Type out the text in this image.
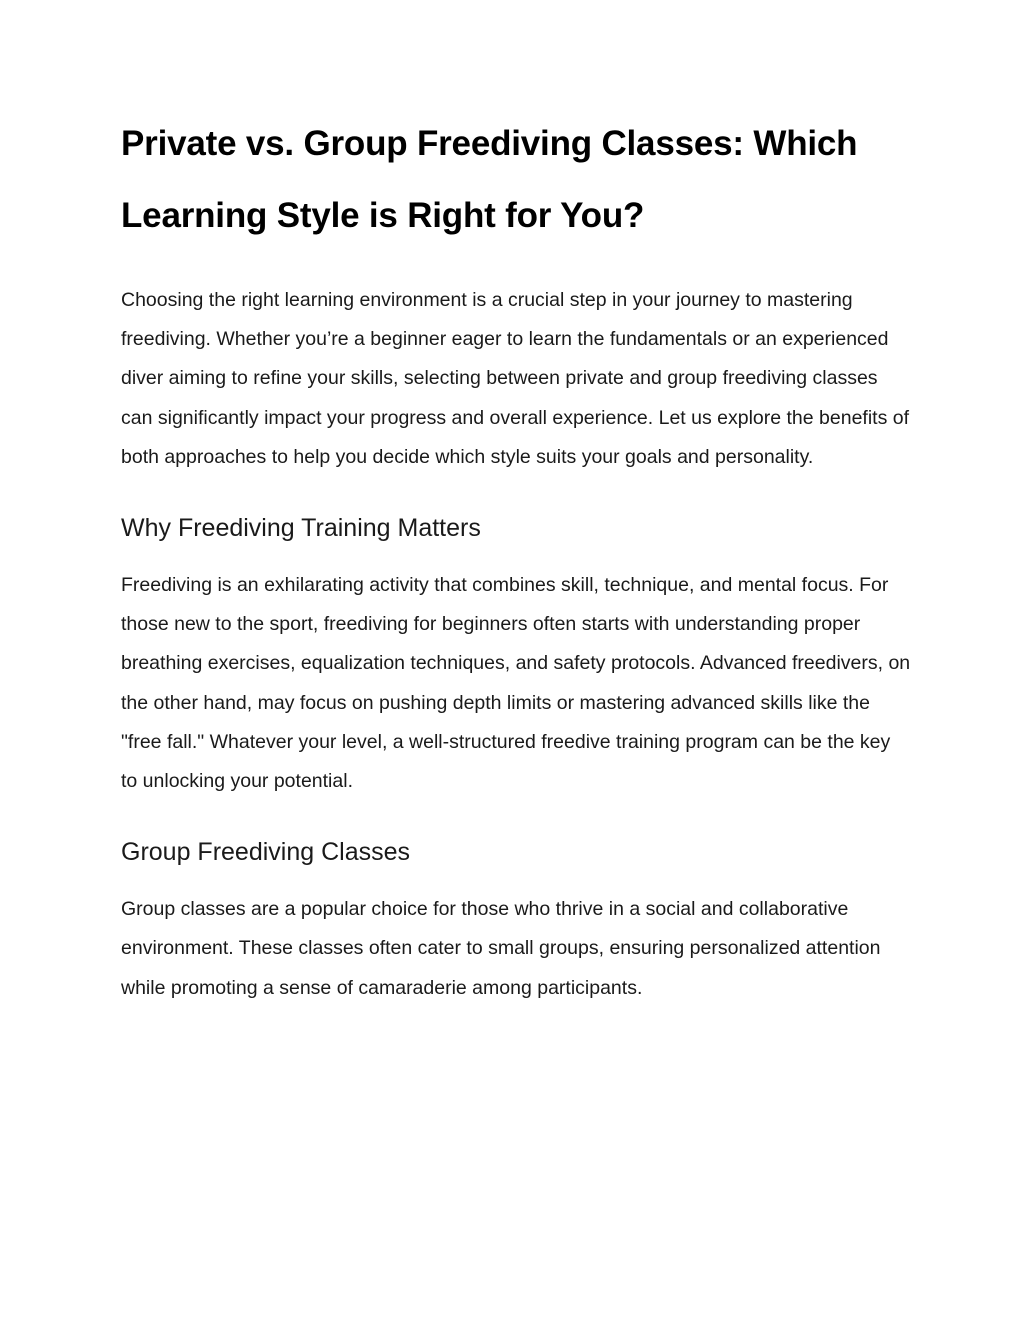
Private vs. Group Freediving Classes: Which Learning Style is Right for You?

Choosing the right learning environment is a crucial step in your journey to mastering freediving. Whether you’re a beginner eager to learn the fundamentals or an experienced diver aiming to refine your skills, selecting between private and group freediving classes can significantly impact your progress and overall experience. Let us explore the benefits of both approaches to help you decide which style suits your goals and personality.

Why Freediving Training Matters

Freediving is an exhilarating activity that combines skill, technique, and mental focus. For those new to the sport, freediving for beginners often starts with understanding proper breathing exercises, equalization techniques, and safety protocols. Advanced freedivers, on the other hand, may focus on pushing depth limits or mastering advanced skills like the "free fall." Whatever your level, a well-structured freedive training program can be the key to unlocking your potential.

Group Freediving Classes

Group classes are a popular choice for those who thrive in a social and collaborative environment. These classes often cater to small groups, ensuring personalized attention while promoting a sense of camaraderie among participants.
